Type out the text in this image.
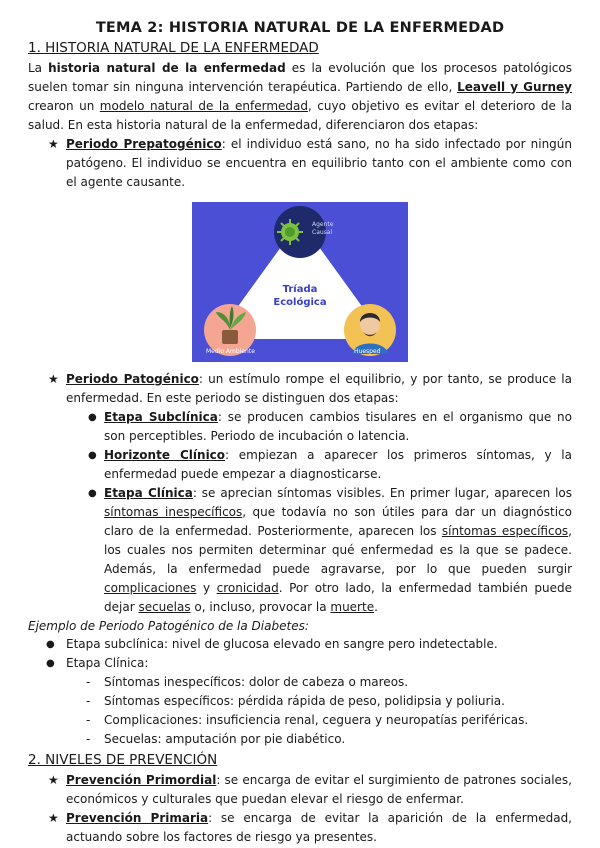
TEMA 2: HISTORIA NATURAL DE LA ENFERMEDAD
1. HISTORIA NATURAL DE LA ENFERMEDAD

La historia natural de la enfermedad es la evolución que los procesos patológicos suelen tomar sin ninguna intervención terapéutica. Partiendo de ello, Leavell y Gurney crearon un modelo natural de la enfermedad, cuyo objetivo es evitar el deterioro de la salud. En esta historia natural de la enfermedad, diferenciaron dos etapas:

★ Periodo Prepatogénico: el individuo está sano, no ha sido infectado por ningún patógeno. El individuo se encuentra en equilibrio tanto con el ambiente como con el agente causante.
Agente
Causal
Tríada
Ecológica
Medio Ambiente	Huesped
★ Periodo Patogénico: un estímulo rompe el equilibrio, y por tanto, se produce la enfermedad. En este periodo se distinguen dos etapas:
● Etapa Subclínica: se producen cambios tisulares en el organismo que no son perceptibles. Periodo de incubación o latencia.
● Horizonte Clínico: empiezan a aparecer los primeros síntomas, y la enfermedad puede empezar a diagnosticarse.
● Etapa Clínica: se aprecian síntomas visibles. En primer lugar, aparecen los síntomas inespecíficos, que todavía no son útiles para dar un diagnóstico claro de la enfermedad. Posteriormente, aparecen los síntomas específicos, los cuales nos permiten determinar qué enfermedad es la que se padece. Además, la enfermedad puede agravarse, por lo que pueden surgir complicaciones y cronicidad. Por otro lado, la enfermedad también puede dejar secuelas o, incluso, provocar la muerte.

Ejemplo de Periodo Patogénico de la Diabetes:

● Etapa subclínica: nivel de glucosa elevado en sangre pero indetectable.
● Etapa Clínica:
- Síntomas inespecíficos: dolor de cabeza o mareos.
- Síntomas específicos: pérdida rápida de peso, polidipsia y poliuria.
- Complicaciones: insuficiencia renal, ceguera y neuropatías periféricas.
- Secuelas: amputación por pie diabético.
2. NIVELES DE PREVENCIÓN
★ Prevención Primordial: se encarga de evitar el surgimiento de patrones sociales, económicos y culturales que puedan elevar el riesgo de enfermar.
★ Prevención Primaria: se encarga de evitar la aparición de la enfermedad, actuando sobre los factores de riesgo ya presentes.
